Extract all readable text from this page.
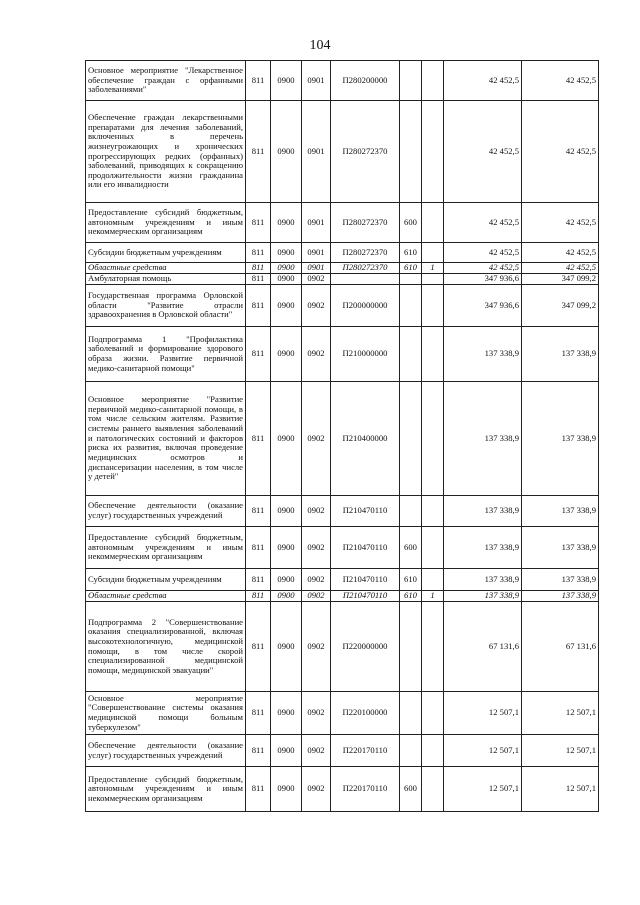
104
Основное мероприятие "Лекарственное обеспечение граждан с орфанными заболеваниями"	811	0900	0901	П280200000			42 452,5	42 452,5
Обеспечение граждан лекарственными препаратами для лечения заболеваний, включенных в перечень жизнеугрожающих и хронических прогрессирующих редких (орфанных) заболеваний, приводящих к сокращению продолжительности жизни гражданина или его инвалидности	811	0900	0901	П280272370			42 452,5	42 452,5
Предоставление субсидий бюджетным, автономным учреждениям и иным некоммерческим организациям	811	0900	0901	П280272370	600		42 452,5	42 452,5
Субсидии бюджетным учреждениям	811	0900	0901	П280272370	610		42 452,5	42 452,5
Областные средства	811	0900	0901	П280272370	610	1	42 452,5	42 452,5
Амбулаторная помощь	811	0900	0902				347 936,6	347 099,2
Государственная программа Орловской области "Развитие отрасли здравоохранения в Орловской области"	811	0900	0902	П200000000			347 936,6	347 099,2
Подпрограмма 1 "Профилактика заболеваний и формирование здорового образа жизни. Развитие первичной медико-санитарной помощи"	811	0900	0902	П210000000			137 338,9	137 338,9
Основное мероприятие "Развитие первичной медико-санитарной помощи, в том числе сельским жителям. Развитие системы раннего выявления заболеваний и патологических состояний и факторов риска их развития, включая проведение медицинских осмотров и диспансеризации населения, в том числе у детей"	811	0900	0902	П210400000			137 338,9	137 338,9
Обеспечение деятельности (оказание услуг) государственных учреждений	811	0900	0902	П210470110			137 338,9	137 338,9
Предоставление субсидий бюджетным, автономным учреждениям и иным некоммерческим организациям	811	0900	0902	П210470110	600		137 338,9	137 338,9
Субсидии бюджетным учреждениям	811	0900	0902	П210470110	610		137 338,9	137 338,9
Областные средства	811	0900	0902	П210470110	610	1	137 338,9	137 338,9
Подпрограмма 2 "Совершенствование оказания специализированной, включая высокотехнологичную, медицинской помощи, в том числе скорой специализированной медицинской помощи, медицинской эвакуации"	811	0900	0902	П220000000			67 131,6	67 131,6
Основное мероприятие "Совершенствование системы оказания медицинской помощи больным туберкулезом"	811	0900	0902	П220100000			12 507,1	12 507,1
Обеспечение деятельности (оказание услуг) государственных учреждений	811	0900	0902	П220170110			12 507,1	12 507,1
Предоставление субсидий бюджетным, автономным учреждениям и иным некоммерческим организациям	811	0900	0902	П220170110	600		12 507,1	12 507,1
